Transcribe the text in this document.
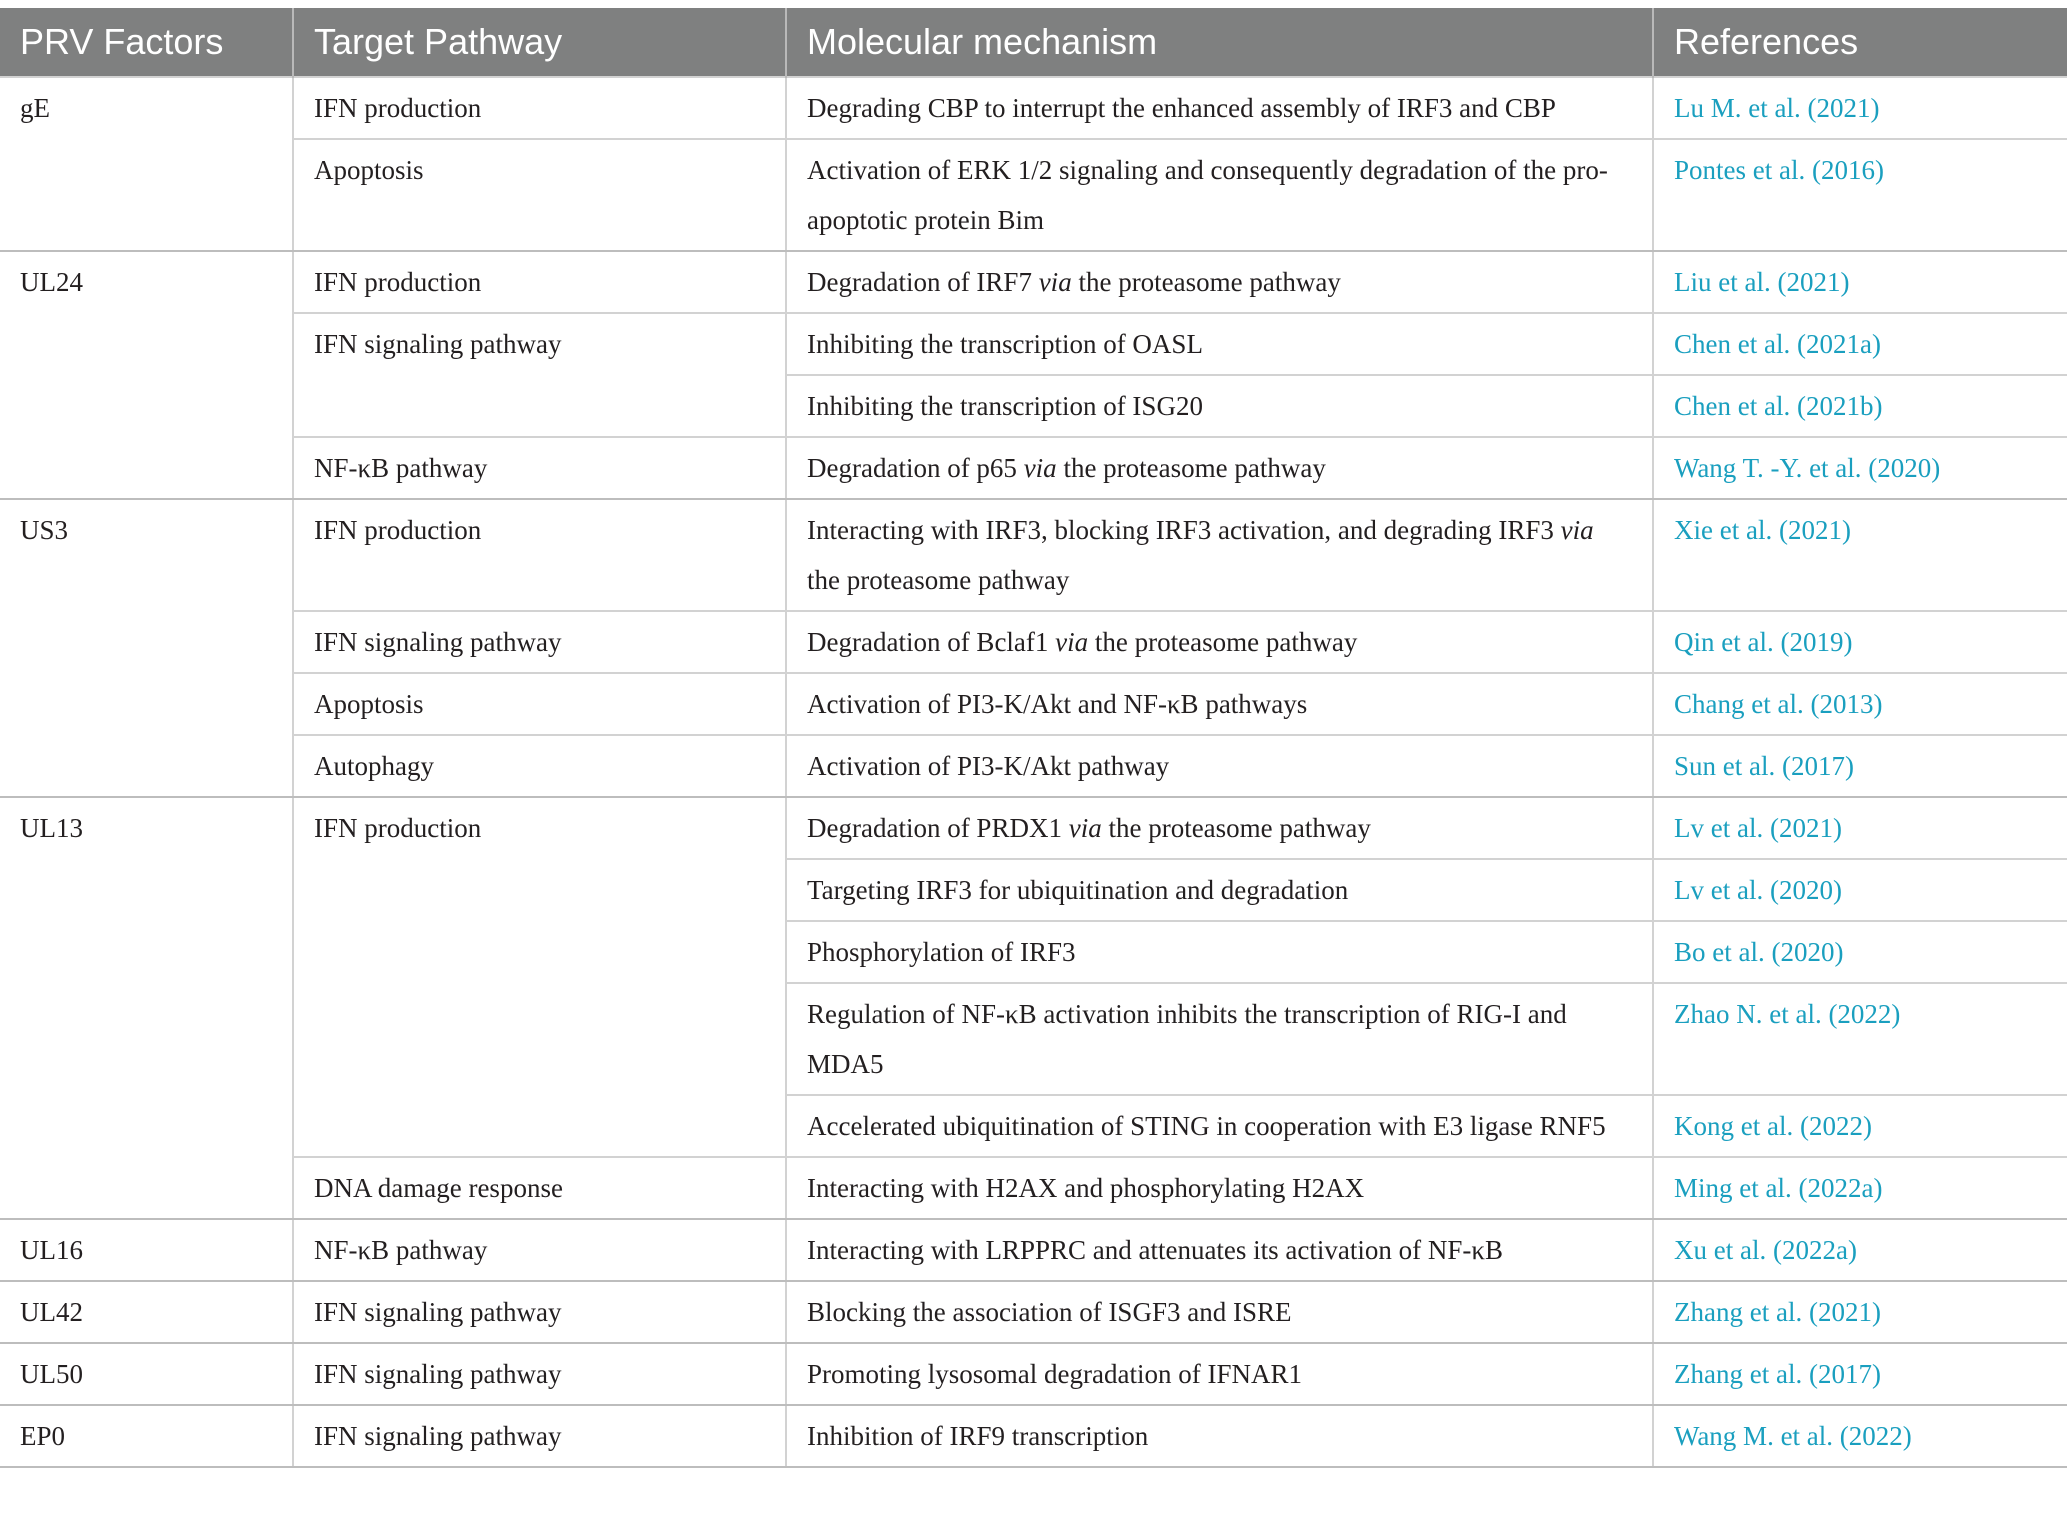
PRV Factors	Target Pathway	Molecular mechanism	References
gE	IFN production	Degrading CBP to interrupt the enhanced assembly of IRF3 and CBP	Lu M. et al. (2021)
	Apoptosis	Activation of ERK 1/2 signaling and consequently degradation of the pro-apoptotic protein Bim	Pontes et al. (2016)
UL24	IFN production	Degradation of IRF7 via the proteasome pathway	Liu et al. (2021)
	IFN signaling pathway	Inhibiting the transcription of OASL	Chen et al. (2021a)
		Inhibiting the transcription of ISG20	Chen et al. (2021b)
	NF-κB pathway	Degradation of p65 via the proteasome pathway	Wang T. -Y. et al. (2020)
US3	IFN production	Interacting with IRF3, blocking IRF3 activation, and degrading IRF3 via the proteasome pathway	Xie et al. (2021)
	IFN signaling pathway	Degradation of Bclaf1 via the proteasome pathway	Qin et al. (2019)
	Apoptosis	Activation of PI3-K/Akt and NF-κB pathways	Chang et al. (2013)
	Autophagy	Activation of PI3-K/Akt pathway	Sun et al. (2017)
UL13	IFN production	Degradation of PRDX1 via the proteasome pathway	Lv et al. (2021)
		Targeting IRF3 for ubiquitination and degradation	Lv et al. (2020)
		Phosphorylation of IRF3	Bo et al. (2020)
		Regulation of NF-κB activation inhibits the transcription of RIG-I and MDA5	Zhao N. et al. (2022)
		Accelerated ubiquitination of STING in cooperation with E3 ligase RNF5	Kong et al. (2022)
	DNA damage response	Interacting with H2AX and phosphorylating H2AX	Ming et al. (2022a)
UL16	NF-κB pathway	Interacting with LRPPRC and attenuates its activation of NF-κB	Xu et al. (2022a)
UL42	IFN signaling pathway	Blocking the association of ISGF3 and ISRE	Zhang et al. (2021)
UL50	IFN signaling pathway	Promoting lysosomal degradation of IFNAR1	Zhang et al. (2017)
EP0	IFN signaling pathway	Inhibition of IRF9 transcription	Wang M. et al. (2022)
